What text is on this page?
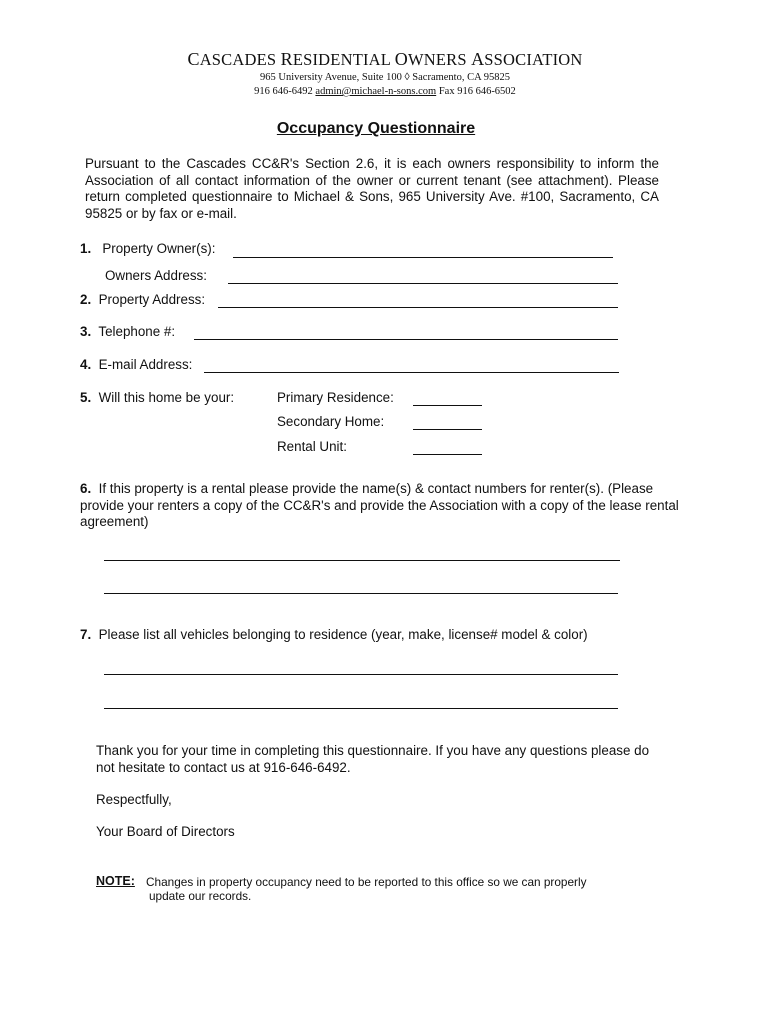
CASCADES RESIDENTIAL OWNERS ASSOCIATION
965 University Avenue, Suite 100 ◊ Sacramento, CA 95825
916 646-6492 admin@michael-n-sons.com Fax 916 646-6502
Occupancy Questionnaire
Pursuant to the Cascades CC&R's Section 2.6, it is each owners responsibility to inform the Association of all contact information of the owner or current tenant (see attachment). Please return completed questionnaire to Michael & Sons, 965 University Ave. #100, Sacramento, CA 95825 or by fax or e-mail.
1. Property Owner(s):
Owners Address:
2. Property Address:
3. Telephone #:
4. E-mail Address:
5. Will this home be your:	Primary Residence:
Secondary Home:
Rental Unit:
6. If this property is a rental please provide the name(s) & contact numbers for renter(s). (Please provide your renters a copy of the CC&R's and provide the Association with a copy of the lease rental agreement)
7. Please list all vehicles belonging to residence (year, make, license# model & color)
Thank you for your time in completing this questionnaire. If you have any questions please do not hesitate to contact us at 916-646-6492.
Respectfully,
Your Board of Directors
NOTE: Changes in property occupancy need to be reported to this office so we can properly
update our records.
